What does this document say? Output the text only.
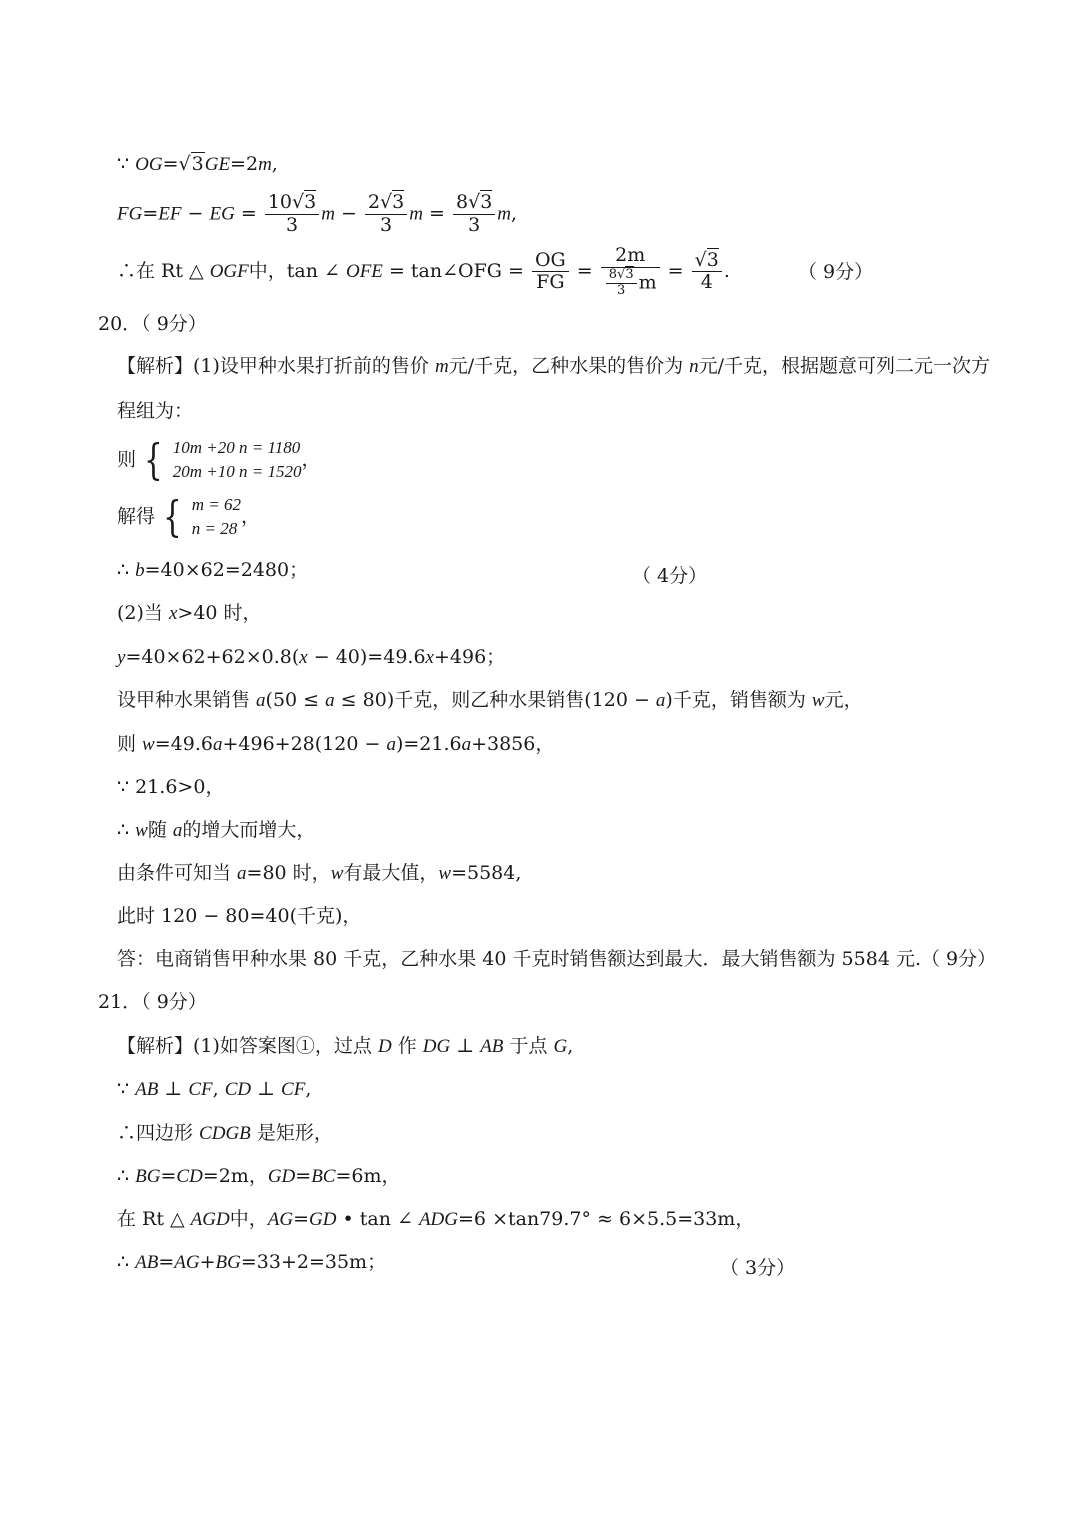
∵ OG=√3GE=2m,
FG=EF − EG = $\frac{10√3}{3}$ $m - \frac{2√3}{3}$ $m = \frac{8√3}{3} m$,
∴在 Rt △ OGF中，tan ∠ OFE = tan∠OFG = $\frac{OG}{FG} = \frac{2m}{\frac{8√3}{3} m} = \frac{√3}{4}$ .	（ 9分）
20．（ 9分）
【解析】(1)设甲种水果打折前的售价 m元/千克，乙种水果的售价为 n元/千克，根据题意可列二元一次方
程组为：
则 { 10m +20 n = 1180
20m +10 n = 1520
，
解得 { m = 62
n = 28
，
∴ b=40×62=2480；	（ 4分）
(2)当 x>40 时，
y=40×62+62×0.8(x − 40)=49.6x+496；
设甲种水果销售 a(50 ≤ a ≤ 80)千克，则乙种水果销售(120 − a)千克，销售额为 w元，
则 w=49.6a+496+28(120 − a)=21.6a+3856，
∵ 21.6>0，
∴ w随 a的增大而增大，
由条件可知当 a=80 时，w有最大值，w=5584,
此时 120 − 80=40(千克)，
答：电商销售甲种水果 80 千克，乙种水果 40 千克时销售额达到最大．最大销售额为 5584 元.（ 9分）
21．（ 9分）
【解析】(1)如答案图①，过点 D 作 DG ⊥ AB 于点 G,
∵ AB ⊥ CF, CD ⊥ CF,
∴四边形 CDGB 是矩形，
∴ BG=CD=2m，GD=BC=6m，
在 Rt △ AGD中，AG=GD • tan ∠ ADG=6 ×tan79.7° ≈ 6×5.5=33m，
∴ AB=AG+BG=33+2=35m；	（ 3分）
